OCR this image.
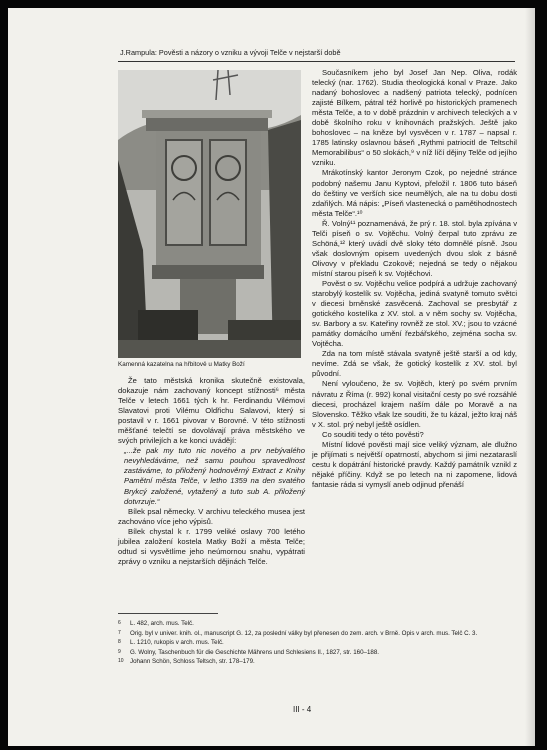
J.Rampula: Pověsti a názory o vzniku a vývoji Telče v nejstarší době
Kamenná kazatelna na hřbitově u Matky Boží

Že tato městská kronika skutečně existovala, dokazuje nám zachovaný koncept stížnosti⁶ města Telče v letech 1661 tých k hr. Ferdinandu Vilémovi Slavatovi proti Vilému Oldřichu Salavovi, který si postavil v r. 1661 pivovar v Borovné. V této stížnosti měšťané telečtí se dovolávají práva městského ve svých privilejích a ke konci uvádějí:

„...že pak my tuto nic nového a prv nebývalého nevyhledáváme, než samu pouhou spravedlnost zastáváme, to přiložený hodnověrný Extract z Knihy Pamětní města Telče, v letho 1359 na den svatého Brykcý založené, vytažený a tuto sub A. přiložený dotvrzuje.“

Bílek psal německy. V archivu teleckého musea jest zachováno více jeho výpisů.

Bílek chystal k r. 1799 veliké oslavy 700 letého jubilea založení kostela Matky Boží a města Telče; odtud si vysvětlíme jeho neúmornou snahu, vypátrati zprávy o vzniku a nejstarších dějinách Telče.

Současníkem jeho byl Josef Jan Nep. Oliva, rodák telecký (nar. 1762). Studia theologická konal v Praze. Jako nadaný bohoslovec a nadšený patriota telecký, podnícen zajisté Bílkem, pátral též horlivě po historických pramenech města Telče, a to v době prázdnin v archivech teleckých a v době školního roku v knihovnách pražských. Ještě jako bohoslovec – na kněze byl vysvěcen v r. 1787 – napsal r. 1785 latinsky oslavnou báseň „Rythmi patriocitl de Teltschil Memorabilibus“ o 50 slokách,⁹ v níž líčí dějiny Telče od jejího vzniku.

Mrákotínský kantor Jeronym Czok, po nejedné stránce podobný našemu Janu Kyptovi, přeložil r. 1806 tuto báseň do češtiny ve verších sice neumělých, ale na tu dobu dosti zdařilých. Má nápis: „Píseň vlastenecká o pamětihodnostech města Telče“.¹⁰

Ř. Volný¹¹ poznamenává, že prý r. 18. stol. byla zpívána v Telči píseň o sv. Vojtěchu. Volný čerpal tuto zprávu ze Schöná,¹² který uvádí dvě sloky této domnělé písně. Jsou však doslovným opisem uvedených dvou slok z básně Olivovy v překladu Czokově; nejedná se tedy o nějakou místní starou píseň k sv. Vojtěchovi.

Pověst o sv. Vojtěchu velice podpírá a udržuje zachovaný starobylý kostelík sv. Vojtěcha, jediná svatyně tomuto světci v diecesi brněnské zasvěcená. Zachoval se presbytář z gotického kostelíka z XV. stol. a v něm sochy sv. Vojtěcha, sv. Barbory a sv. Kateřiny rovněž ze stol. XV.; jsou to vzácné památky domácího umění řezbářského, zejména socha sv. Vojtěcha.

Zda na tom místě stávala svatyně ještě starší a od kdy, nevíme. Zdá se však, že gotický kostelík z XV. stol. byl původní.

Není vyloučeno, že sv. Vojtěch, který po svém prvním návratu z Říma (r. 992) konal visitační cesty po své rozsáhlé diecesi, procházel krajem naším dále po Moravě a na Slovensko. Těžko však lze souditi, že tu kázal, ježto kraj náš v X. stol. prý nebyl ještě osídlen.

Co souditi tedy o této pověsti?

Místní lidové pověsti mají sice veliký význam, ale dlužno je přijímati s největší opatrností, abychom si jimi nezataraslí cestu k dopátrání historické pravdy. Každý památník vznikl z nějaké příčiny. Když se po letech na ni zapomene, lidová fantasie ráda si vymyslí aneb odjinud přenáší

6 L. 482, arch. mus. Telč.
7 Orig. byl v univer. knih. ol., manuscript G. 12, za poslední války byl přenesen do zem. arch. v Brně. Opis v arch. mus. Telč C. 3.
8 L. 1210, rukopis v arch. mus. Telč.
9 G. Wolny, Taschenbuch für die Geschichte Mährens und Schlesiens II., 1827, str. 160–188.
10 Johann Schön, Schloss Teltsch, str. 178–179.
III - 4
